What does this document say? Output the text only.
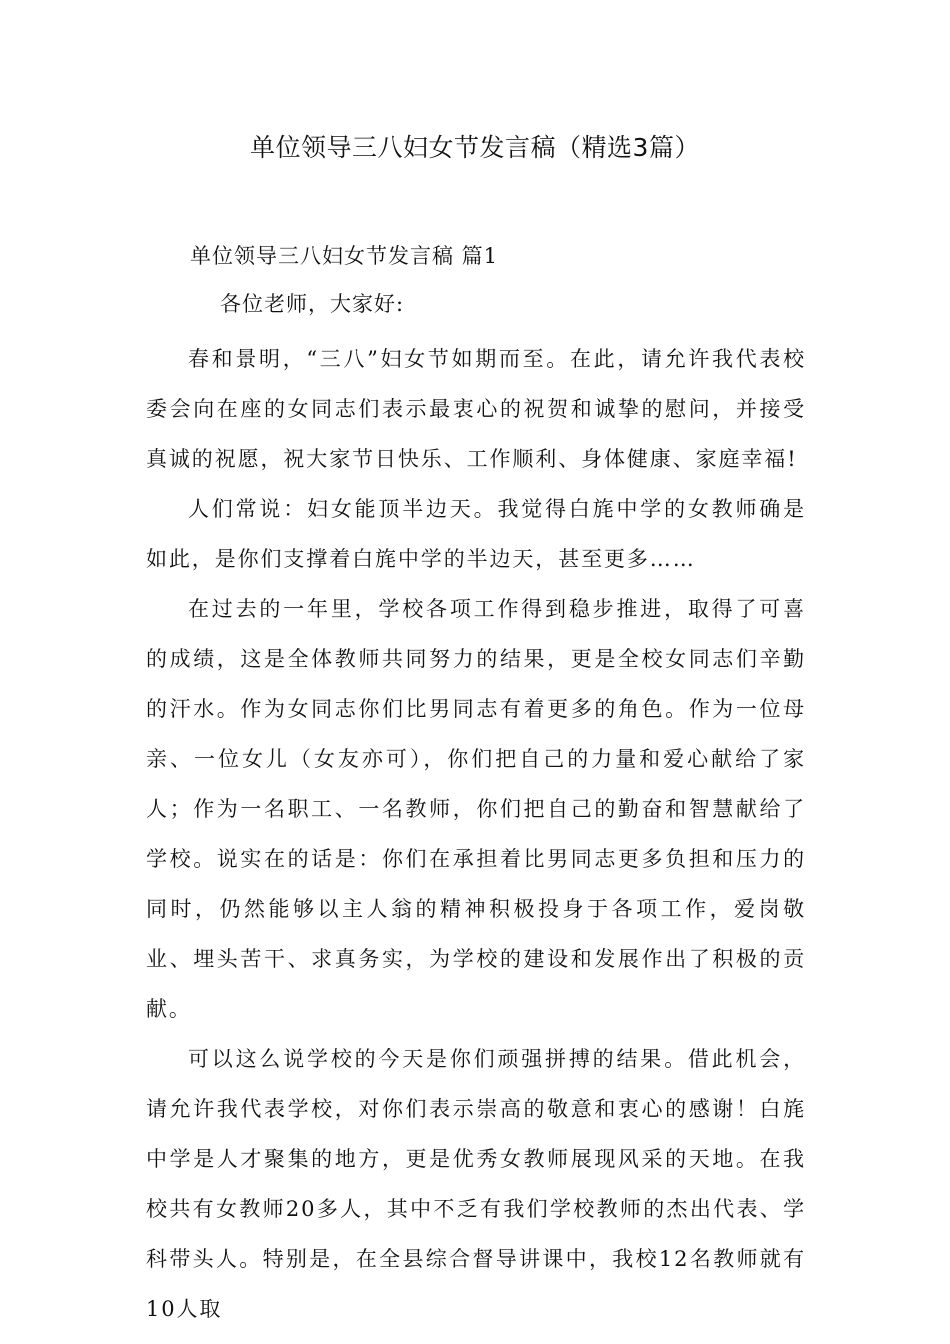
单位领导三八妇女节发言稿（精选3篇）
单位领导三八妇女节发言稿 篇1
各位老师，大家好:

春和景明，“三八”妇女节如期而至。在此，请允许我代表校委会向在座的女同志们表示最衷心的祝贺和诚挚的慰问，并接受真诚的祝愿，祝大家节日快乐、工作顺利、身体健康、家庭幸福!

人们常说：妇女能顶半边天。我觉得白旄中学的女教师确是如此，是你们支撑着白旄中学的半边天，甚至更多……

在过去的一年里，学校各项工作得到稳步推进，取得了可喜的成绩，这是全体教师共同努力的结果，更是全校女同志们辛勤的汗水。作为女同志你们比男同志有着更多的角色。作为一位母亲、一位女儿（女友亦可），你们把自己的力量和爱心献给了家人；作为一名职工、一名教师，你们把自己的勤奋和智慧献给了学校。说实在的话是：你们在承担着比男同志更多负担和压力的同时，仍然能够以主人翁的精神积极投身于各项工作，爱岗敬业、埋头苦干、求真务实，为学校的建设和发展作出了积极的贡献。

可以这么说学校的今天是你们顽强拼搏的结果。借此机会，请允许我代表学校，对你们表示崇高的敬意和衷心的感谢！白旄中学是人才聚集的地方，更是优秀女教师展现风采的天地。在我校共有女教师20多人，其中不乏有我们学校教师的杰出代表、学科带头人。特别是，在全县综合督导讲课中，我校12名教师就有10人取
